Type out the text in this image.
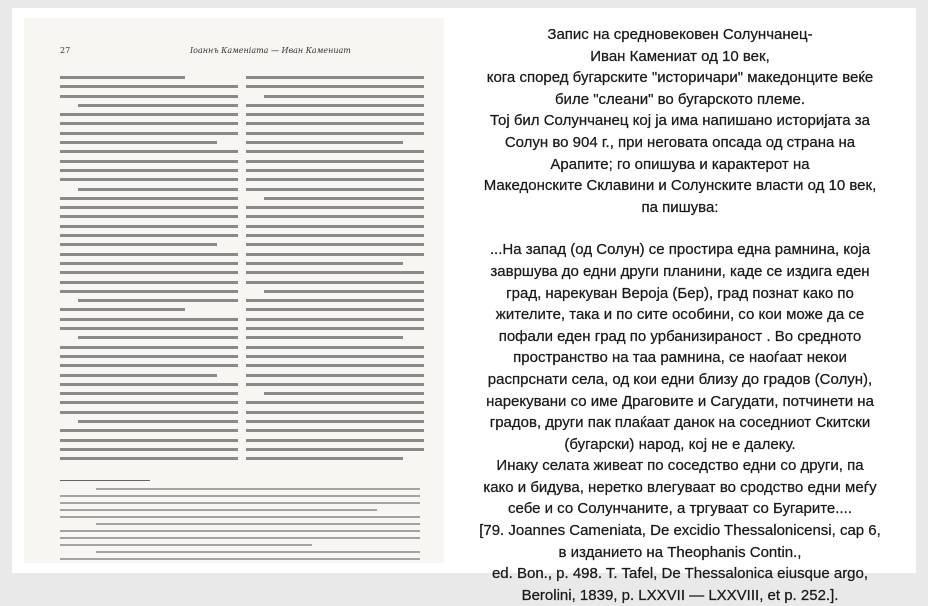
27	Іоаннъ Каменіата — Иван Камениат

Запис на средновековен Солунчанец-

Иван Камениат од 10 век,

кога според бугарските "историчари" македонците веќе

биле "слеани" во бугарското племе.

Тој бил Солунчанец кој ја има напишано историјата за

Солун во 904 г., при неговата опсада од страна на

Арапите; го опишува и карактерот на

Македонските Склавини и Солунските власти од 10 век,

па пишува:

...На запад (од Солун) се простира една рамнина, која

завршува до едни други планини, каде се издига еден

град, нарекуван Вероја (Бер), град познат како по

жителите, така и по сите особини, со кои може да се

пофали еден град по урбанизираност . Во средното

пространство на таа рамнина, се наоѓаат некои

распрснати села, од кои едни близу до градов (Солун),

нарекувани со име Драговите и Сагудати, потчинети на

градов, други пак плаќаат данок на соседниот Скитски

(бугарски) народ, кој не е далеку.

Инаку селата живеат по соседство едни со други, па

како и бидува, неретко влегуваат во сродство едни меѓу

себе и со Солунчаните, а тргуваат со Бугарите....

[79. Joannes Cameniata, De excidio Thessalonicensi, cap 6,

в изданието на Theophanis Contin.,

ed. Bon., p. 498. T. Tafel, De Thessalonica eiusque argo,

Berolini, 1839, p. LXXVII — LXXVIII, et p. 252.].
